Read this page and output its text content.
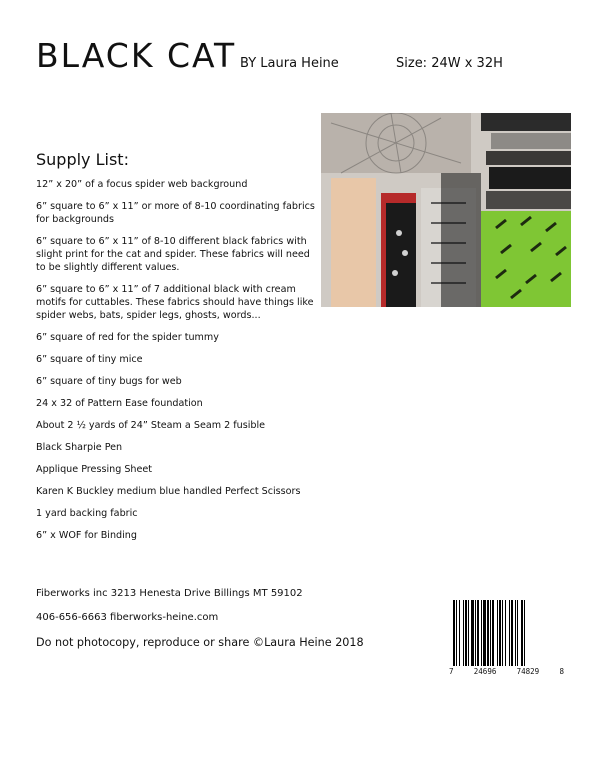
BLACK CAT BY Laura Heine	Size: 24W x 32H
Supply List:
12” x 20” of a focus spider web background
6” square to 6” x 11” or more of 8-10 coordinating fabrics for backgrounds
6” square to 6” x 11” of 8-10 different black fabrics with slight print for the cat and spider. These fabrics will need to be slightly different values.
6” square to 6” x 11” of 7 additional black with cream motifs for cuttables. These fabrics should have things like spider webs, bats, spider legs, ghosts, words...
6” square of red for the spider tummy
6” square of tiny mice
6” square of tiny bugs for web
24 x 32 of Pattern Ease foundation
About 2 ½ yards of 24” Steam a Seam 2 fusible
Black Sharpie Pen
Applique Pressing Sheet
Karen K Buckley medium blue handled Perfect Scissors
1 yard backing fabric
6” x WOF for Binding
Fiberworks inc 3213 Henesta Drive Billings MT 59102
406-656-6663 fiberworks-heine.com
Do not photocopy, reproduce or share ©Laura Heine 2018
7	24696	74829	8
